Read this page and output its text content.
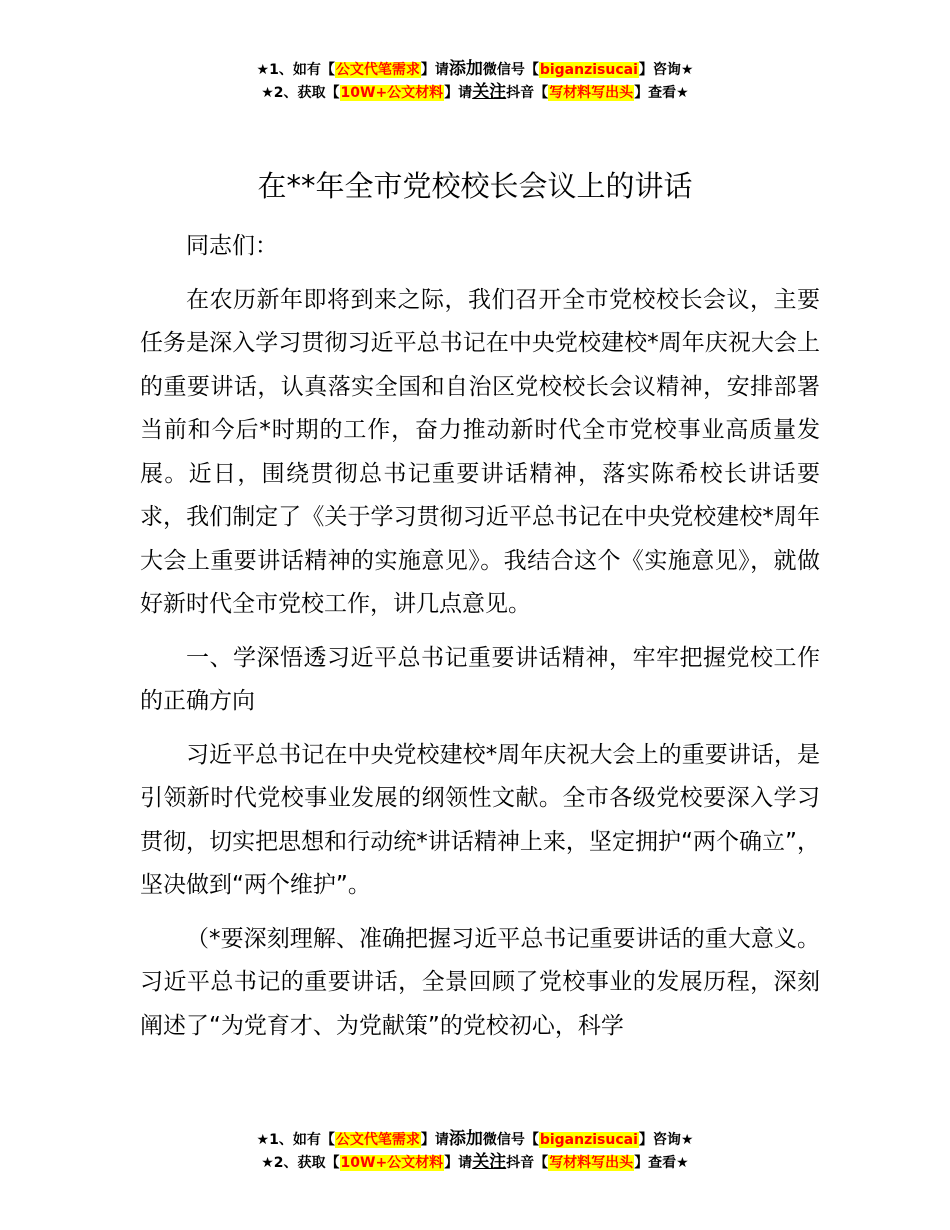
★1、如有【公文代笔需求】请添加微信号【biganzisucai】咨询★
★2、获取【10W+公文材料】请关注抖音【写材料写出头】查看★
在**年全市党校校长会议上的讲话

同志们：

在农历新年即将到来之际，我们召开全市党校校长会议，主要任务是深入学习贯彻习近平总书记在中央党校建校*周年庆祝大会上的重要讲话，认真落实全国和自治区党校校长会议精神，安排部署当前和今后*时期的工作，奋力推动新时代全市党校事业高质量发展。近日，围绕贯彻总书记重要讲话精神，落实陈希校长讲话要求，我们制定了《关于学习贯彻习近平总书记在中央党校建校*周年大会上重要讲话精神的实施意见》。我结合这个《实施意见》，就做好新时代全市党校工作，讲几点意见。

一、学深悟透习近平总书记重要讲话精神，牢牢把握党校工作的正确方向

习近平总书记在中央党校建校*周年庆祝大会上的重要讲话，是引领新时代党校事业发展的纲领性文献。全市各级党校要深入学习贯彻，切实把思想和行动统*讲话精神上来，坚定拥护“两个确立”，坚决做到“两个维护”。

（*要深刻理解、准确把握习近平总书记重要讲话的重大意义。习近平总书记的重要讲话，全景回顾了党校事业的发展历程，深刻阐述了“为党育才、为党献策”的党校初心，科学

★1、如有【公文代笔需求】请添加微信号【biganzisucai】咨询★
★2、获取【10W+公文材料】请关注抖音【写材料写出头】查看★
